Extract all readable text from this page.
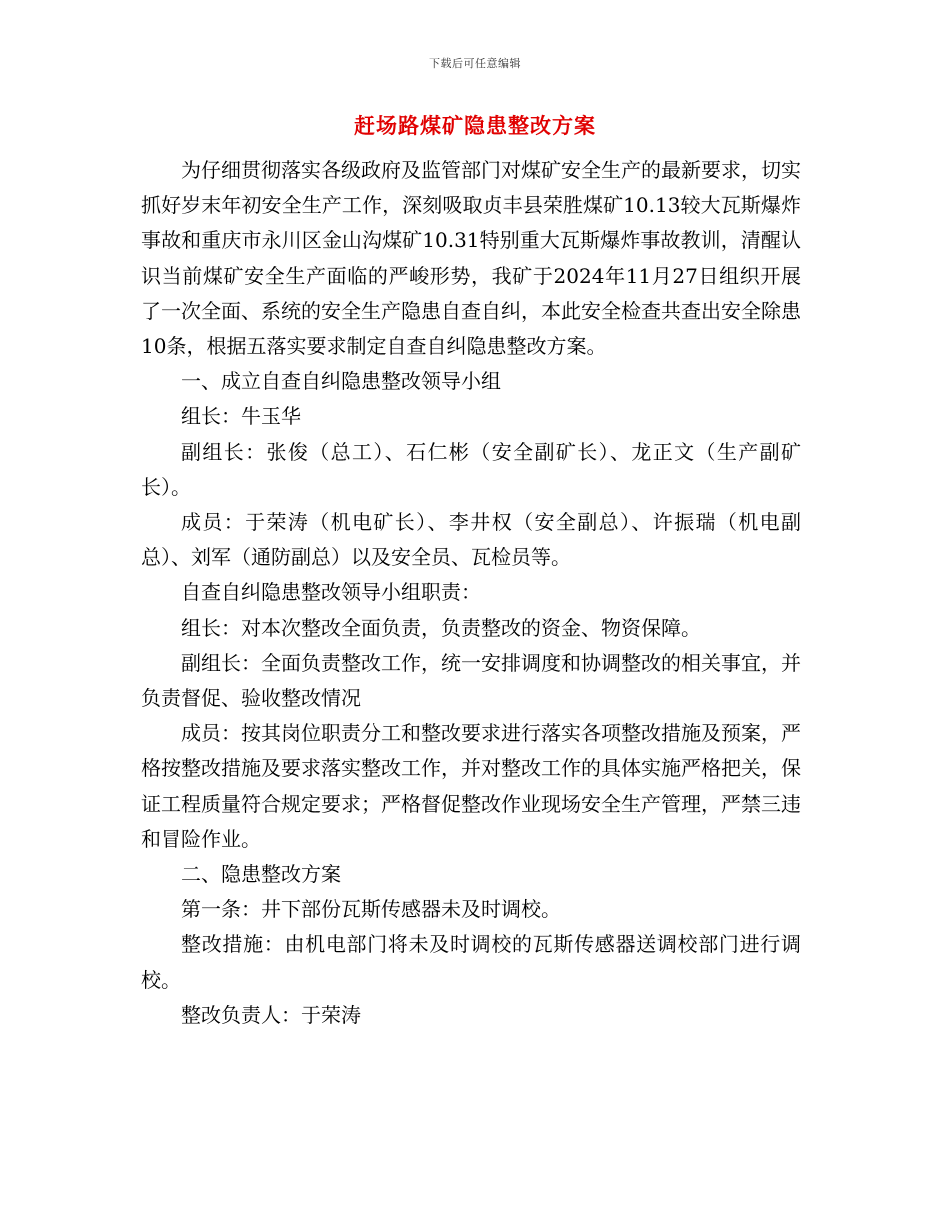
下载后可任意编辑
赶场路煤矿隐患整改方案

为仔细贯彻落实各级政府及监管部门对煤矿安全生产的最新要求，切实抓好岁末年初安全生产工作，深刻吸取贞丰县荣胜煤矿10.13较大瓦斯爆炸事故和重庆市永川区金山沟煤矿10.31特别重大瓦斯爆炸事故教训，清醒认识当前煤矿安全生产面临的严峻形势，我矿于2024年11月27日组织开展了一次全面、系统的安全生产隐患自查自纠，本此安全检查共查出安全除患10条，根据五落实要求制定自查自纠隐患整改方案。

一、成立自查自纠隐患整改领导小组

组长：牛玉华

副组长：张俊（总工）、石仁彬（安全副矿长）、龙正文（生产副矿长）。

成员：于荣涛（机电矿长）、李井权（安全副总）、许振瑞（机电副总）、刘军（通防副总）以及安全员、瓦检员等。

自查自纠隐患整改领导小组职责：

组长：对本次整改全面负责，负责整改的资金、物资保障。

副组长：全面负责整改工作，统一安排调度和协调整改的相关事宜，并负责督促、验收整改情况

成员：按其岗位职责分工和整改要求进行落实各项整改措施及预案，严格按整改措施及要求落实整改工作，并对整改工作的具体实施严格把关，保证工程质量符合规定要求；严格督促整改作业现场安全生产管理，严禁三违和冒险作业。

二、隐患整改方案

第一条：井下部份瓦斯传感器未及时调校。

整改措施：由机电部门将未及时调校的瓦斯传感器送调校部门进行调校。

整改负责人：于荣涛
